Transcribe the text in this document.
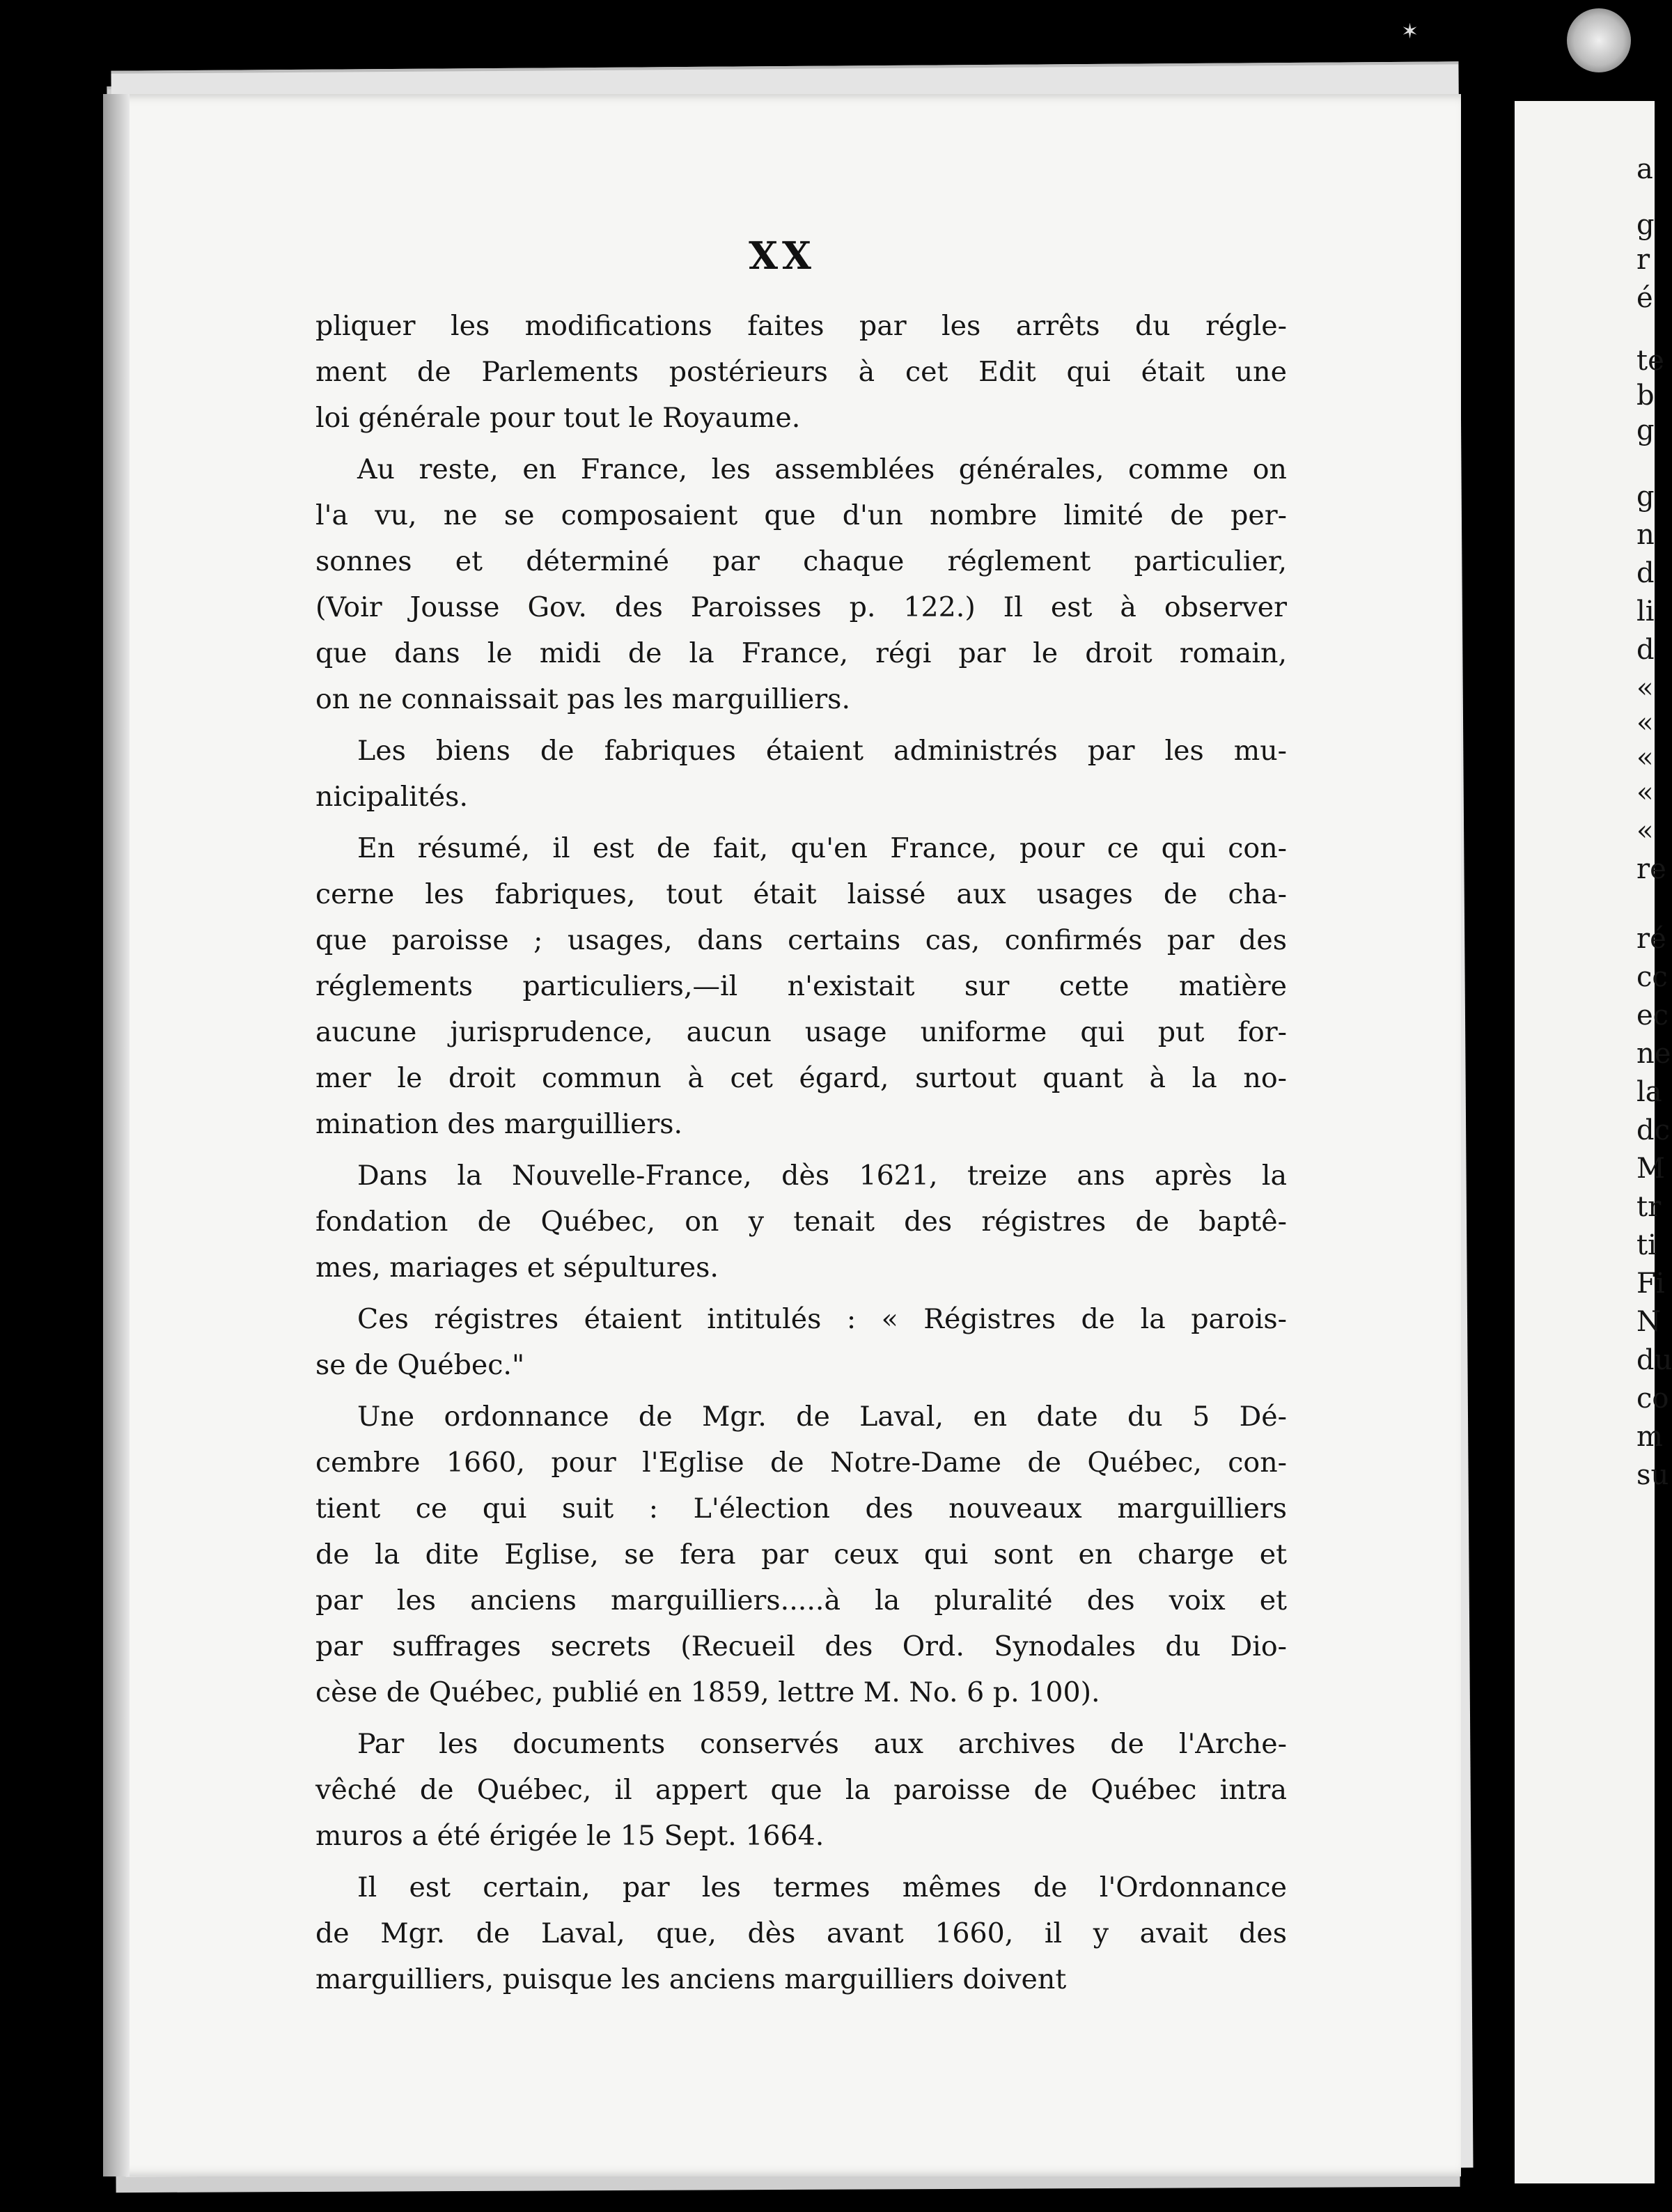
✶
XX

pliquer les modifications faites par les arrêts du régle-
ment de Parlements postérieurs à cet Edit qui était une
loi générale pour tout le Royaume.

Au reste, en France, les assemblées générales, comme on
l'a vu, ne se composaient que d'un nombre limité de per-
sonnes et déterminé par chaque réglement particulier,
(Voir Jousse Gov. des Paroisses p. 122.) Il est à observer
que dans le midi de la France, régi par le droit romain,
on ne connaissait pas les marguilliers.

Les biens de fabriques étaient administrés par les mu-
nicipalités.

En résumé, il est de fait, qu'en France, pour ce qui con-
cerne les fabriques, tout était laissé aux usages de cha-
que paroisse ; usages, dans certains cas, confirmés par des
réglements particuliers,—il n'existait sur cette matière
aucune jurisprudence, aucun usage uniforme qui put for-
mer le droit commun à cet égard, surtout quant à la no-
mination des marguilliers.

Dans la Nouvelle-France, dès 1621, treize ans après la
fondation de Québec, on y tenait des régistres de baptê-
mes, mariages et sépultures.

Ces régistres étaient intitulés : « Régistres de la parois-
se de Québec."

Une ordonnance de Mgr. de Laval, en date du 5 Dé-
cembre 1660, pour l'Eglise de Notre-Dame de Québec, con-
tient ce qui suit : L'élection des nouveaux marguilliers
de la dite Eglise, se fera par ceux qui sont en charge et
par les anciens marguilliers.....à la pluralité des voix et
par suffrages secrets (Recueil des Ord. Synodales du Dio-
cèse de Québec, publié en 1859, lettre M. No. 6 p. 100).

Par les documents conservés aux archives de l'Arche-
vêché de Québec, il appert que la paroisse de Québec intra
muros a été érigée le 15 Sept. 1664.

Il est certain, par les termes mêmes de l'Ordonnance
de Mgr. de Laval, que, dès avant 1660, il y avait des
marguilliers, puisque les anciens marguilliers doivent

a
g
r
é
te
b
g
g
n
d
li
d
«
«
«
«
«
re
ré
cc
ec
ne
la
dc
M
tr
ti
Fi
N
du
co
m
su
